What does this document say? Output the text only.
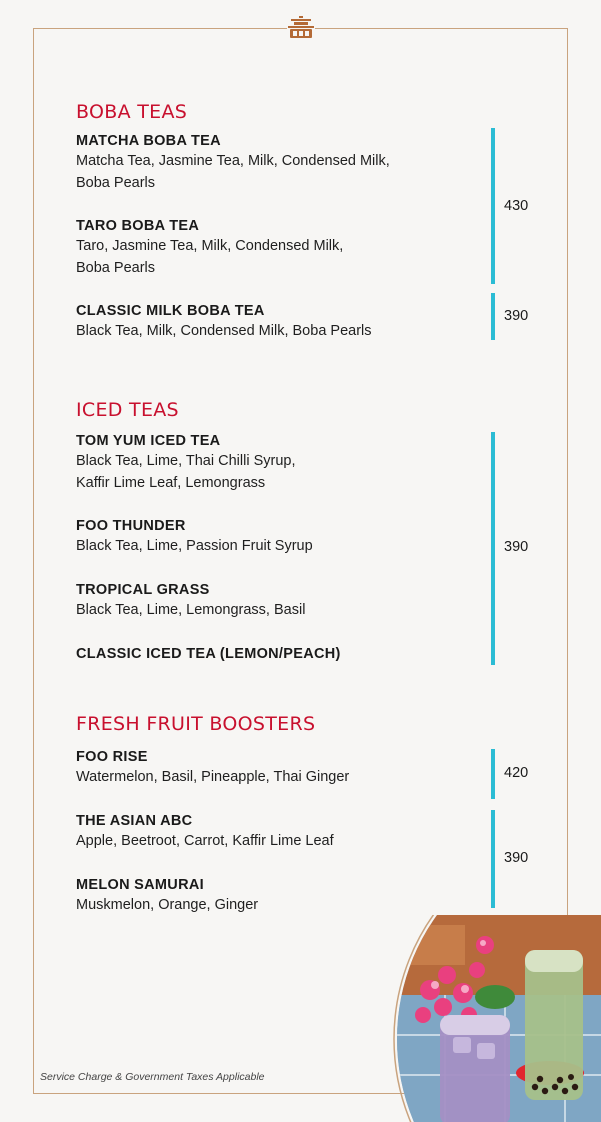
BOBA TEAS
MATCHA BOBA TEA
Matcha Tea, Jasmine Tea, Milk, Condensed Milk,
Boba Pearls
TARO BOBA TEA
Taro, Jasmine Tea, Milk, Condensed Milk,
Boba Pearls
CLASSIC MILK BOBA TEA
Black Tea, Milk, Condensed Milk, Boba Pearls
430
390
ICED TEAS
TOM YUM ICED TEA
Black Tea, Lime, Thai Chilli Syrup,
Kaffir Lime Leaf, Lemongrass
FOO THUNDER
Black Tea, Lime, Passion Fruit Syrup
TROPICAL GRASS
Black Tea, Lime, Lemongrass, Basil
CLASSIC ICED TEA (LEMON/PEACH)
390
FRESH FRUIT BOOSTERS
FOO RISE
Watermelon, Basil, Pineapple, Thai Ginger
THE ASIAN ABC
Apple, Beetroot, Carrot, Kaffir Lime Leaf
MELON SAMURAI
Muskmelon, Orange, Ginger
420
390
Service Charge & Government Taxes Applicable
